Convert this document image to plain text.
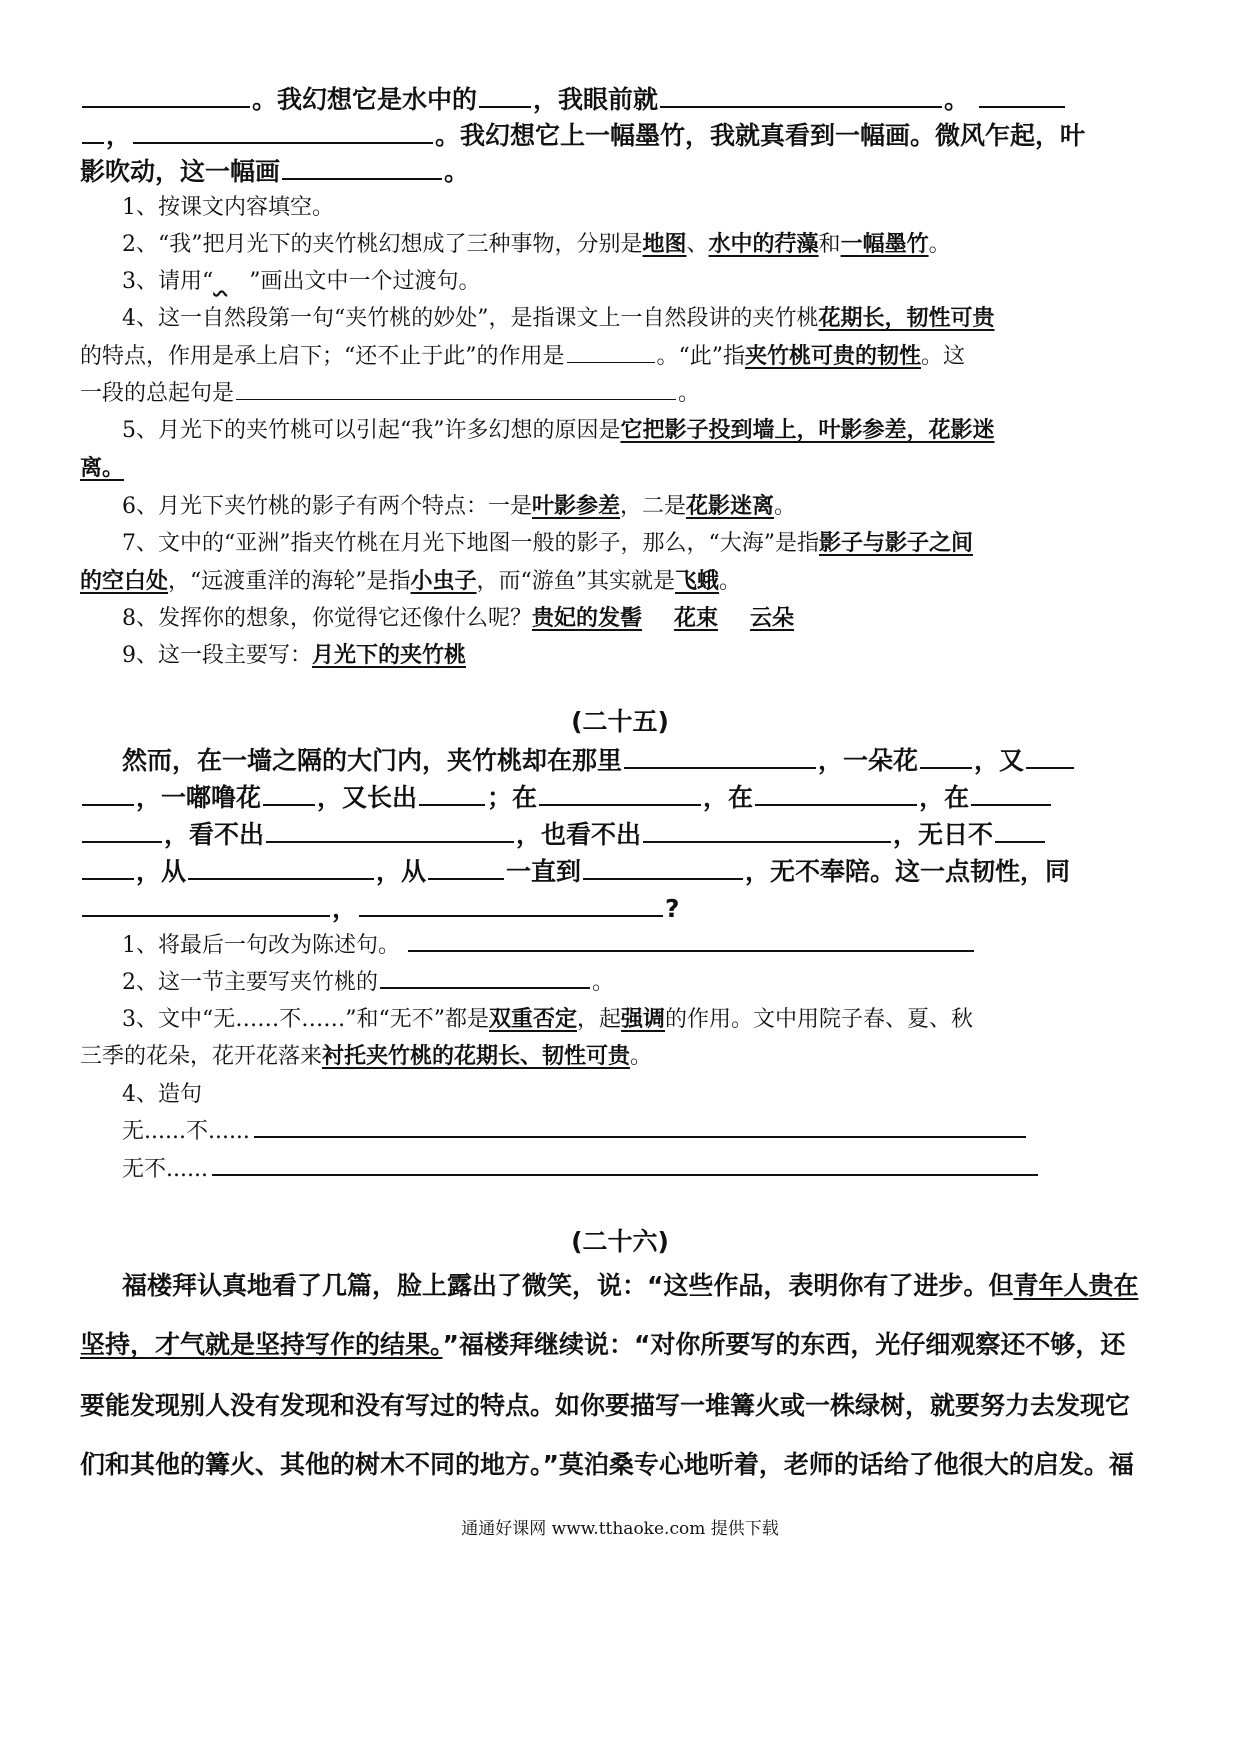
。我幻想它是水中的 ，我眼前就	。
，	。我幻想它上一幅墨竹，我就真看到一幅画。微风乍起，叶
影吹动，这一幅画	。
1、按课文内容填空。
2、“我”把月光下的夹竹桃幻想成了三种事物，分别是地图、水中的荇藻和一幅墨竹。
3、请用“ ”画出文中一个过渡句。
4、这一自然段第一句“夹竹桃的妙处”，是指课文上一自然段讲的夹竹桃花期长，韧性可贵
的特点，作用是承上启下；“还不止于此”的作用是	。“此”指夹竹桃可贵的韧性。这
一段的总起句是	。
5、月光下的夹竹桃可以引起“我”许多幻想的原因是它把影子投到墙上，叶影参差，花影迷
离。
6、月光下夹竹桃的影子有两个特点：一是叶影参差，二是花影迷离。
7、文中的“亚洲”指夹竹桃在月光下地图一般的影子，那么，“大海”是指影子与影子之间
的空白处，“远渡重洋的海轮”是指小虫子，而“游鱼”其实就是飞蛾。
8、发挥你的想象，你觉得它还像什么呢？贵妃的发髻 花束 云朵
9、这一段主要写：月光下的夹竹桃
(二十五)
然而，在一墙之隔的大门内，夹竹桃却在那里	，一朵花 ，又
，一嘟噜花 ，又长出	；在	，在	，在
，看不出	，也看不出	，无日不
，从	，从	一直到	，无不奉陪。这一点韧性，同
，	?
1、将最后一句改为陈述句。
2、这一节主要写夹竹桃的	。
3、文中“无……不……”和“无不”都是双重否定，起强调的作用。文中用院子春、夏、秋
三季的花朵，花开花落来衬托夹竹桃的花期长、韧性可贵。
4、造句
无......不......
无不......
(二十六)
福楼拜认真地看了几篇，脸上露出了微笑，说：“这些作品，表明你有了进步。但青年人贵在
坚持，才气就是坚持写作的结果。”福楼拜继续说：“对你所要写的东西，光仔细观察还不够，还
要能发现别人没有发现和没有写过的特点。如你要描写一堆篝火或一株绿树，就要努力去发现它
们和其他的篝火、其他的树木不同的地方。”莫泊桑专心地听着，老师的话给了他很大的启发。福
通通好课网 www.tthaoke.com 提供下载
